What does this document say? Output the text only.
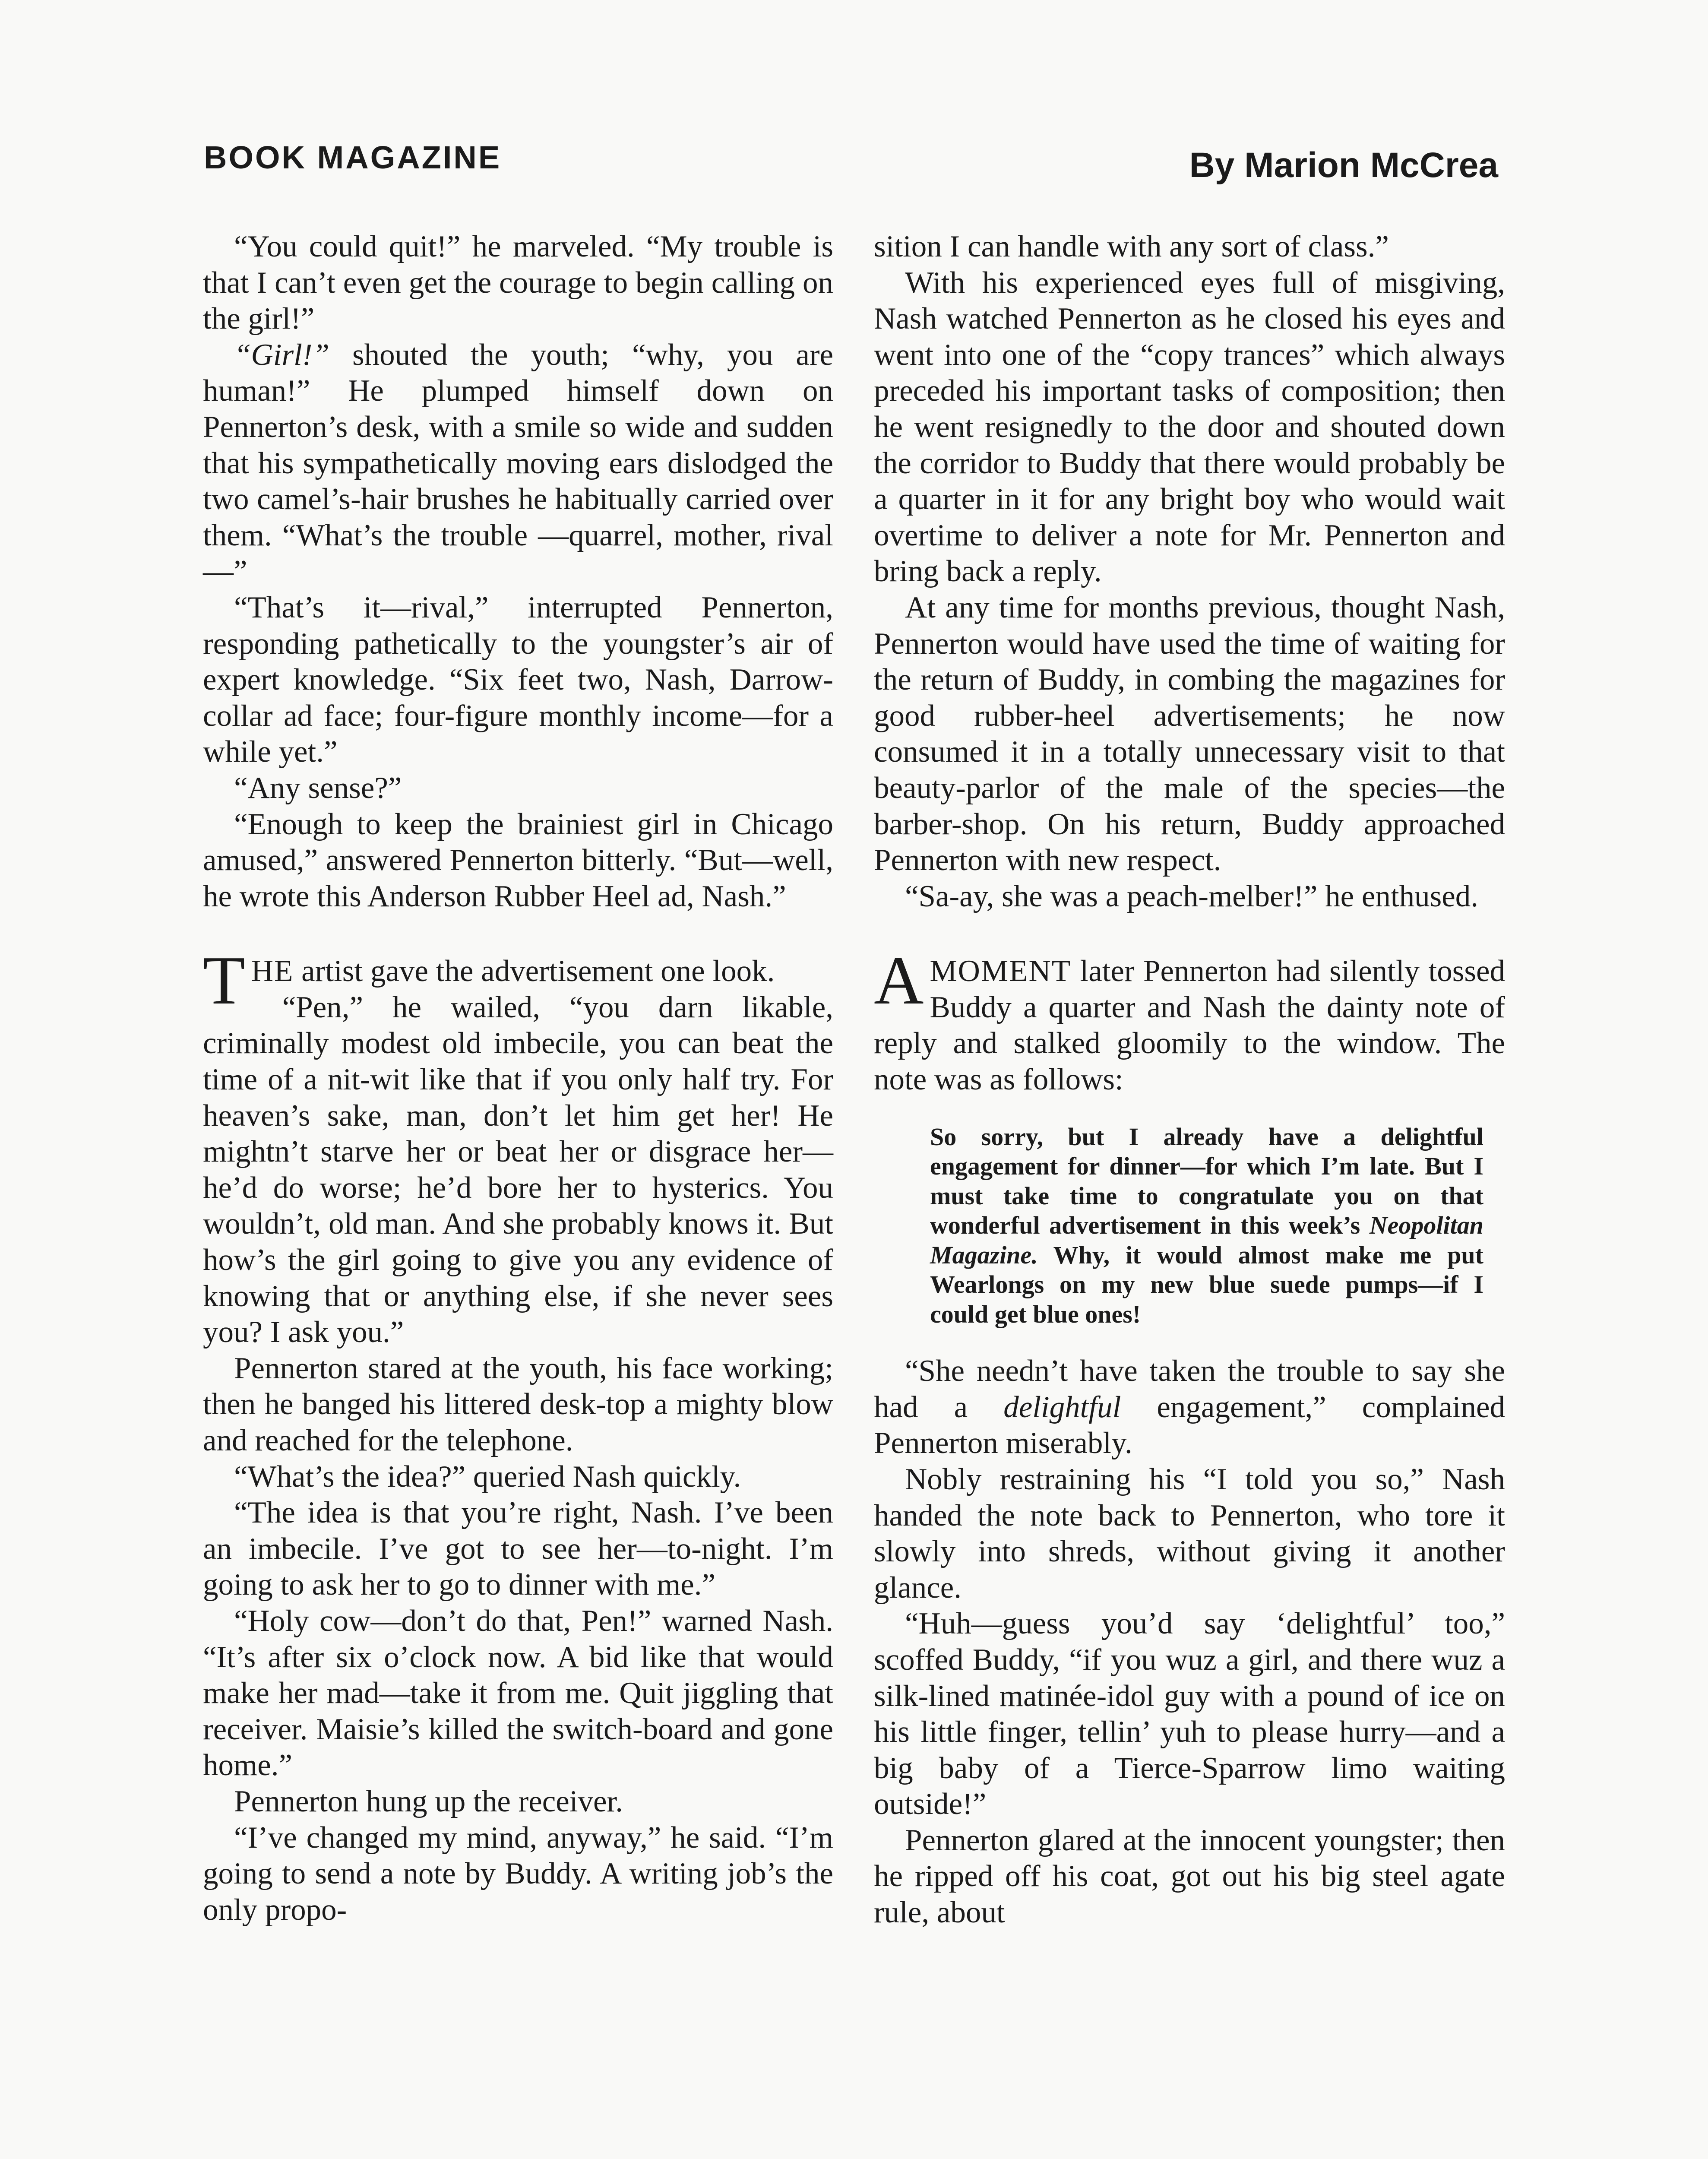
BOOK MAGAZINE	By Marion McCrea

“You could quit!” he marveled. “My trouble is that I can’t even get the courage to begin calling on the girl!”

“Girl!” shouted the youth; “why, you are human!” He plumped himself down on Pennerton’s desk, with a smile so wide and sudden that his sympathetically moving ears dislodged the two camel’s-hair brushes he habitually carried over them. “What’s the trouble —quarrel, mother, rival—”

“That’s it—rival,” interrupted Pennerton, responding pathetically to the youngster’s air of expert knowledge. “Six feet two, Nash, Darrow-collar ad face; four-figure monthly income—for a while yet.”

“Any sense?”

“Enough to keep the brainiest girl in Chicago amused,” answered Pennerton bitterly. “But—well, he wrote this Anderson Rubber Heel ad, Nash.”

THE artist gave the advertisement one look.

“Pen,” he wailed, “you darn likable, criminally modest old imbecile, you can beat the time of a nit-wit like that if you only half try. For heaven’s sake, man, don’t let him get her! He mightn’t starve her or beat her or disgrace her—he’d do worse; he’d bore her to hysterics. You wouldn’t, old man. And she probably knows it. But how’s the girl going to give you any evidence of knowing that or anything else, if she never sees you? I ask you.”

Pennerton stared at the youth, his face working; then he banged his littered desk-top a mighty blow and reached for the telephone.

“What’s the idea?” queried Nash quickly.

“The idea is that you’re right, Nash. I’ve been an imbecile. I’ve got to see her—to-night. I’m going to ask her to go to dinner with me.”

“Holy cow—don’t do that, Pen!” warned Nash. “It’s after six o’clock now. A bid like that would make her mad—take it from me. Quit jiggling that receiver. Maisie’s killed the switch-board and gone home.”

Pennerton hung up the receiver.

“I’ve changed my mind, anyway,” he said. “I’m going to send a note by Buddy. A writing job’s the only propo-

sition I can handle with any sort of class.”

With his experienced eyes full of misgiving, Nash watched Pennerton as he closed his eyes and went into one of the “copy trances” which always preceded his important tasks of composition; then he went resignedly to the door and shouted down the corridor to Buddy that there would probably be a quarter in it for any bright boy who would wait overtime to deliver a note for Mr. Pennerton and bring back a reply.

At any time for months previous, thought Nash, Pennerton would have used the time of waiting for the return of Buddy, in combing the magazines for good rubber-heel advertisements; he now consumed it in a totally unnecessary visit to that beauty-parlor of the male of the species—the barber-shop. On his return, Buddy approached Pennerton with new respect.

“Sa-ay, she was a peach-melber!” he enthused.

AMOMENT later Pennerton had silently tossed Buddy a quarter and Nash the dainty note of reply and stalked gloomily to the window. The note was as follows:

So sorry, but I already have a delightful engagement for dinner—for which I’m late. But I must take time to congratulate you on that wonderful advertisement in this week’s Neopolitan Magazine. Why, it would almost make me put Wearlongs on my new blue suede pumps—if I could get blue ones!

“She needn’t have taken the trouble to say she had a delightful engagement,” complained Pennerton miserably.

Nobly restraining his “I told you so,” Nash handed the note back to Pennerton, who tore it slowly into shreds, without giving it another glance.

“Huh—guess you’d say ‘delightful’ too,” scoffed Buddy, “if you wuz a girl, and there wuz a silk-lined matinée-idol guy with a pound of ice on his little finger, tellin’ yuh to please hurry—and a big baby of a Tierce-Sparrow limo waiting outside!”

Pennerton glared at the innocent youngster; then he ripped off his coat, got out his big steel agate rule, about
